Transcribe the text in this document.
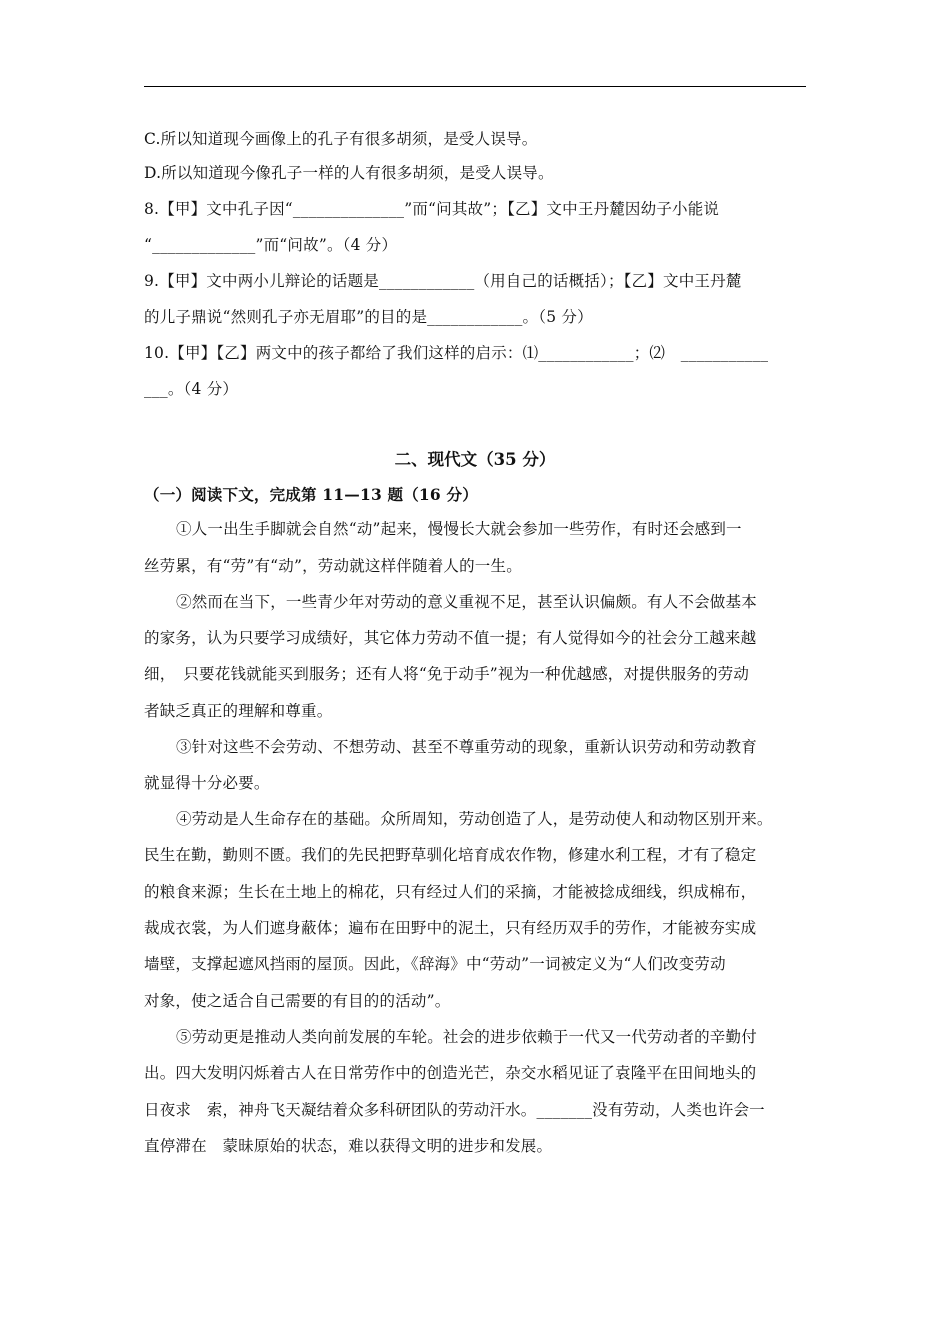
C.所以知道现今画像上的孔子有很多胡须，是受人误导。
D.所以知道现今像孔子一样的人有很多胡须，是受人误导。
8.【甲】文中孔子因“______________”而“问其故”；【乙】文中王丹麓因幼子小能说
“_____________”而“问故”。（4 分）
9.【甲】文中两小儿辩论的话题是____________（用自己的话概括）；【乙】文中王丹麓
的儿子鼎说“然则孔子亦无眉耶”的目的是____________。（5 分）
10.【甲】【乙】两文中的孩子都给了我们这样的启示：⑴____________；⑵　___________
___。（4 分）
二、现代文（35 分）
（一）阅读下文，完成第 11—13 题（16 分）
①人一出生手脚就会自然“动”起来，慢慢长大就会参加一些劳作，有时还会感到一
丝劳累，有“劳”有“动”，劳动就这样伴随着人的一生。
②然而在当下，一些青少年对劳动的意义重视不足，甚至认识偏颇。有人不会做基本
的家务，认为只要学习成绩好，其它体力劳动不值一提；有人觉得如今的社会分工越来越
细，　只要花钱就能买到服务；还有人将“免于动手”视为一种优越感，对提供服务的劳动
者缺乏真正的理解和尊重。
③针对这些不会劳动、不想劳动、甚至不尊重劳动的现象，重新认识劳动和劳动教育
就显得十分必要。
④劳动是人生命存在的基础。众所周知，劳动创造了人，是劳动使人和动物区别开来。
民生在勤，勤则不匮。我们的先民把野草驯化培育成农作物，修建水利工程，才有了稳定
的粮食来源；生长在土地上的棉花，只有经过人们的采摘，才能被捻成细线，织成棉布，
裁成衣裳，为人们遮身蔽体；遍布在田野中的泥土，只有经历双手的劳作，才能被夯实成
墙壁，支撑起遮风挡雨的屋顶。因此，《辞海》中“劳动”一词被定义为“人们改变劳动
对象，使之适合自己需要的有目的的活动”。
⑤劳动更是推动人类向前发展的车轮。社会的进步依赖于一代又一代劳动者的辛勤付
出。四大发明闪烁着古人在日常劳作中的创造光芒，杂交水稻见证了袁隆平在田间地头的
日夜求　索，神舟飞天凝结着众多科研团队的劳动汗水。_______没有劳动，人类也许会一
直停滞在　蒙昧原始的状态，难以获得文明的进步和发展。
